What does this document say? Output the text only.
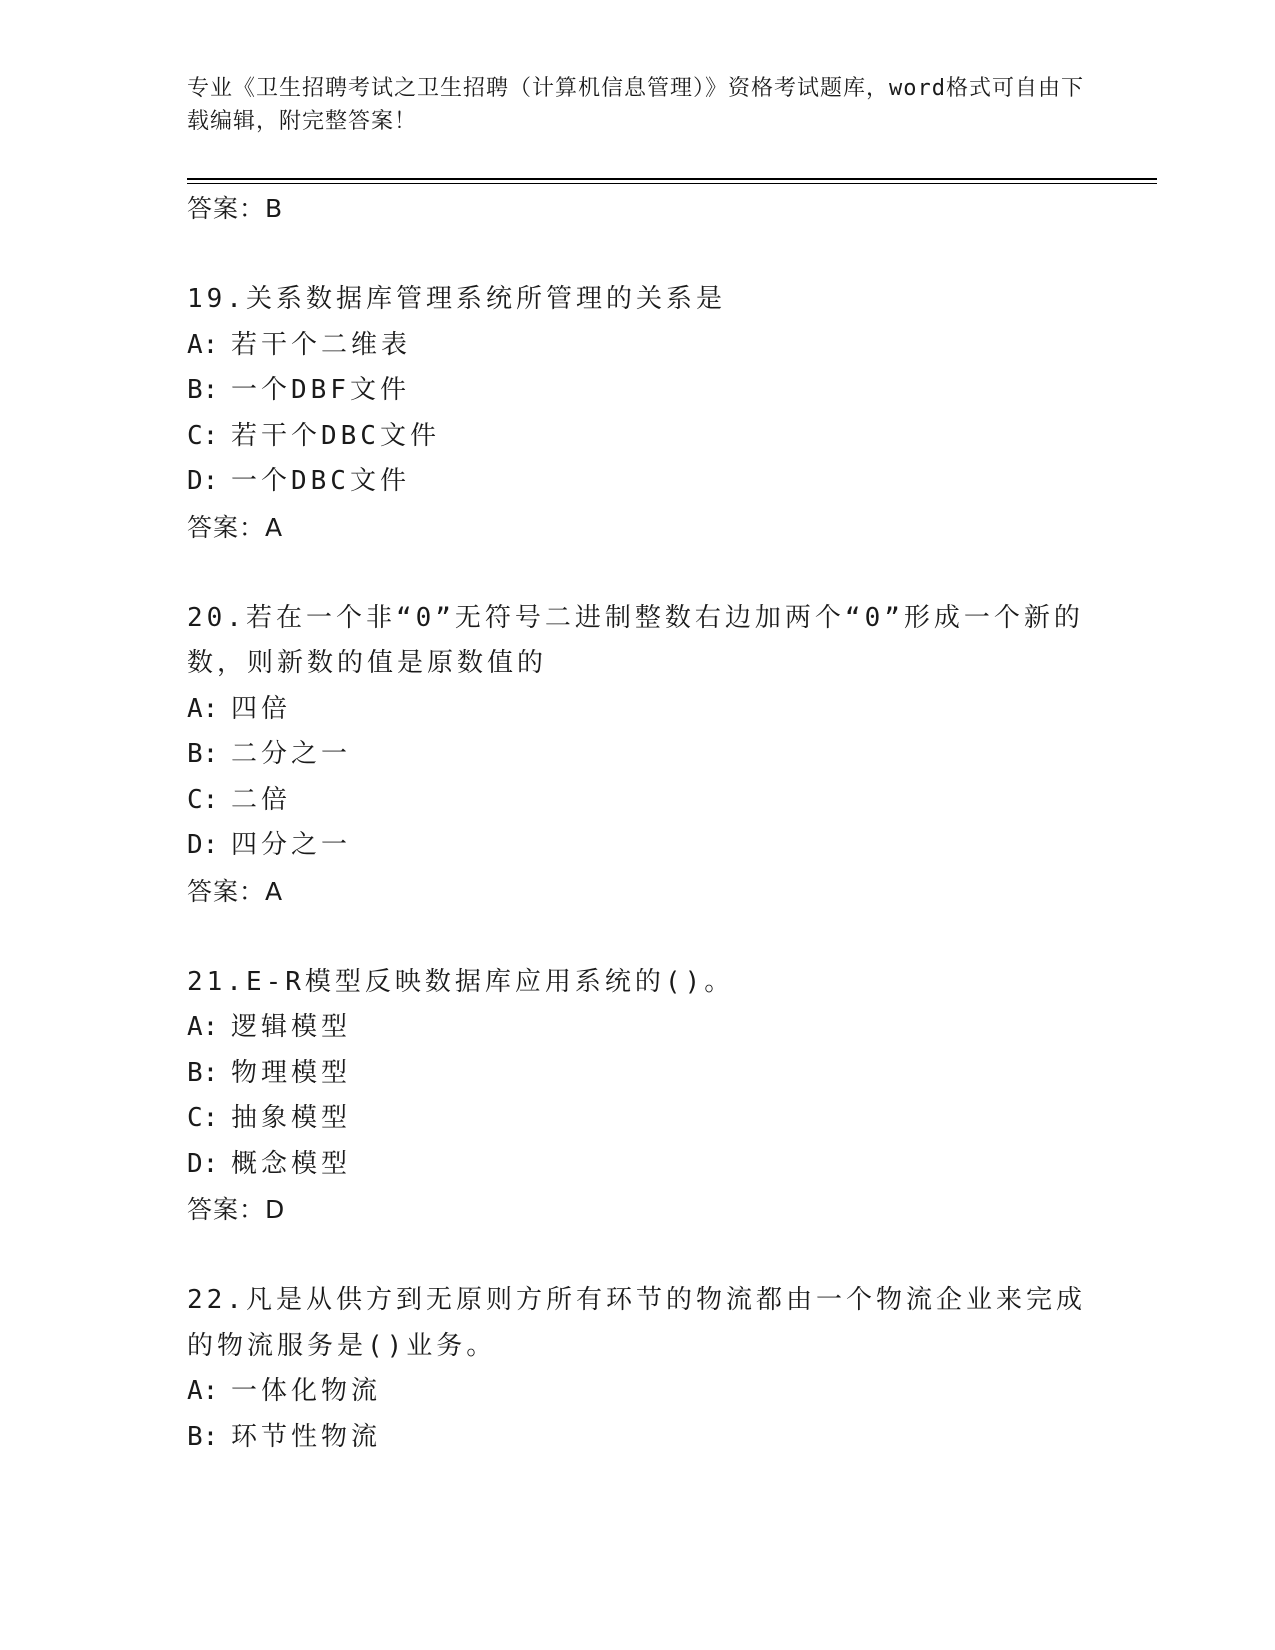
专业《卫生招聘考试之卫生招聘（计算机信息管理）》资格考试题库，word格式可自由下载编辑，附完整答案！
答案：B
19.关系数据库管理系统所管理的关系是
A: 若干个二维表
B: 一个DBF文件
C: 若干个DBC文件
D: 一个DBC文件
答案：A
20.若在一个非“0”无符号二进制整数右边加两个“0”形成一个新的数，则新数的值是原数值的
A: 四倍
B: 二分之一
C: 二倍
D: 四分之一
答案：A
21.E-R模型反映数据库应用系统的()。
A: 逻辑模型
B: 物理模型
C: 抽象模型
D: 概念模型
答案：D
22.凡是从供方到无原则方所有环节的物流都由一个物流企业来完成的物流服务是()业务。
A: 一体化物流
B: 环节性物流
